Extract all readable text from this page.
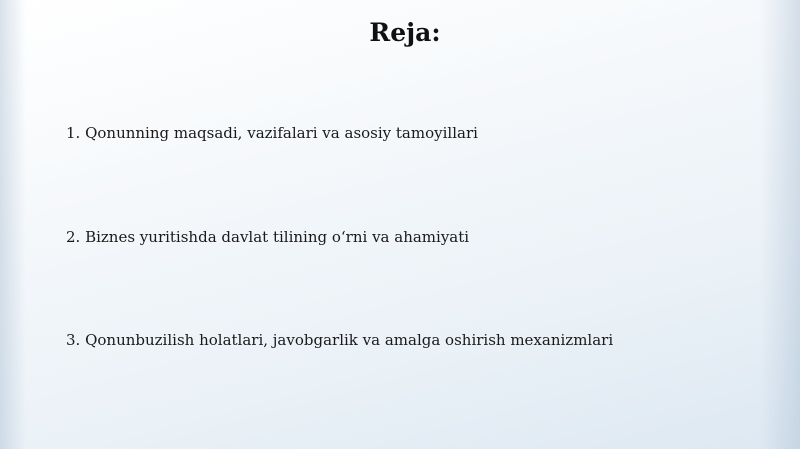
Reja:
1. Qonunning maqsadi, vazifalari va asosiy tamoyillari
2. Biznes yuritishda davlat tilining o‘rni va ahamiyati
3. Qonunbuzilish holatlari, javobgarlik va amalga oshirish mexanizmlari
